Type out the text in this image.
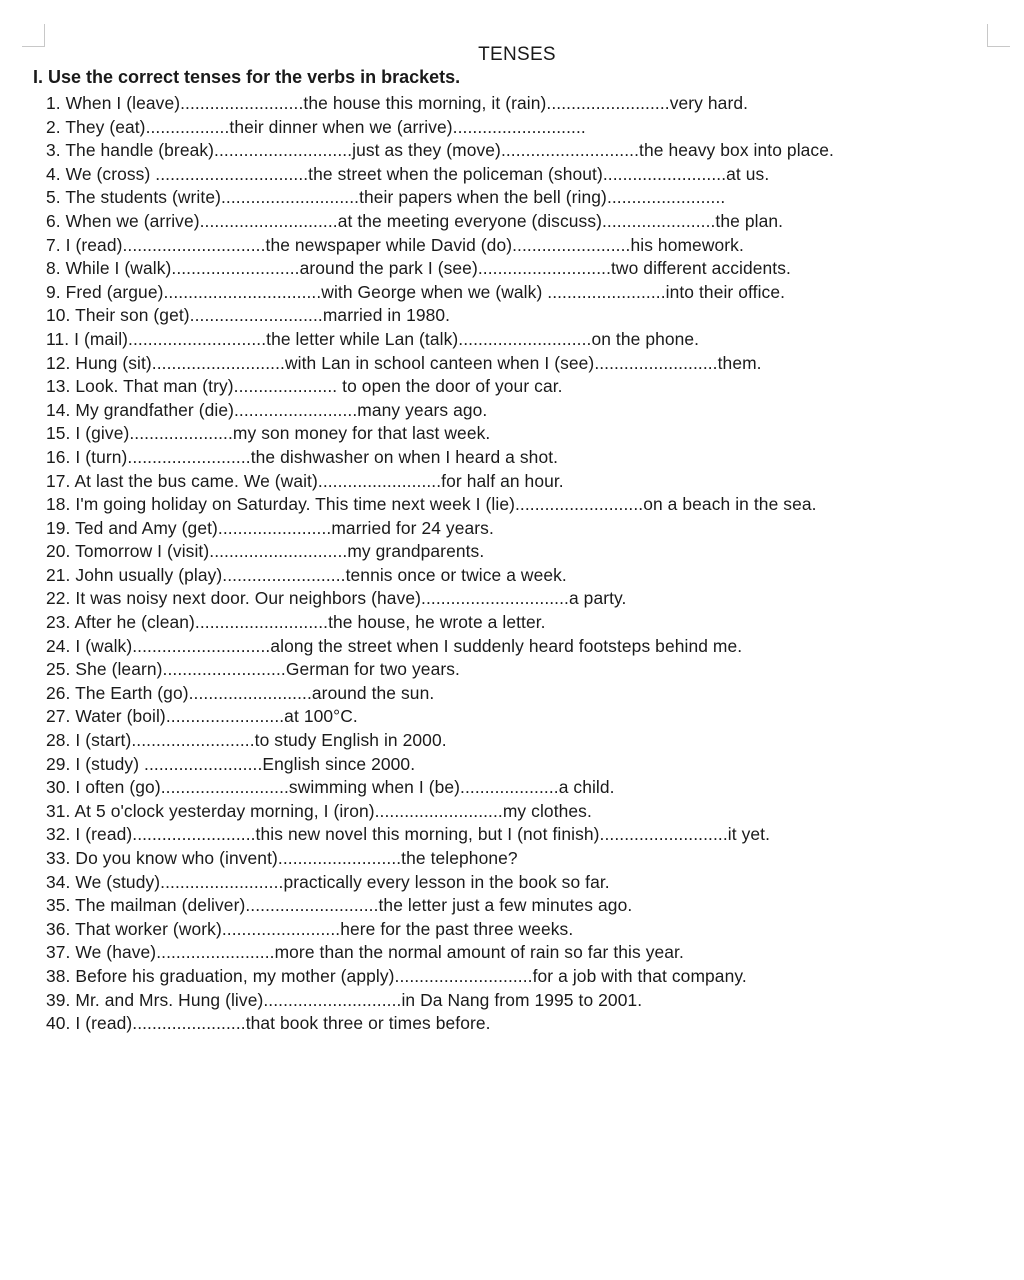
TENSES
I. Use the correct tenses for the verbs in brackets.
1. When I (leave).........................the house this morning, it (rain).........................very hard.
2. They (eat).................their dinner when we (arrive)...........................
3. The handle (break)............................just as they (move)............................the heavy box into place.
4. We (cross) ...............................the street when the policeman (shout).........................at us.
5. The students (write)............................their papers when the bell (ring)........................
6. When we (arrive)............................at the meeting everyone (discuss).......................the plan.
7. I (read).............................the newspaper while David (do)........................his homework.
8. While I (walk)..........................around the park I (see)...........................two different accidents.
9. Fred (argue)................................with George when we (walk) ........................into their office.
10. Their son (get)...........................married in 1980.
11. I (mail)............................the letter while Lan (talk)...........................on the phone.
12. Hung (sit)...........................with Lan in school canteen when I (see).........................them.
13. Look. That man (try)..................... to open the door of your car.
14. My grandfather (die).........................many years ago.
15. I (give).....................my son money for that last week.
16. I (turn).........................the dishwasher on when I heard a shot.
17. At last the bus came. We (wait).........................for half an hour.
18. I'm going holiday on Saturday. This time next week I (lie)..........................on a beach in the sea.
19. Ted and Amy (get).......................married for 24 years.
20. Tomorrow I (visit)............................my grandparents.
21. John usually (play).........................tennis once or twice a week.
22. It was noisy next door. Our neighbors (have)..............................a party.
23. After he (clean)...........................the house, he wrote a letter.
24. I (walk)............................along the street when I suddenly heard footsteps behind me.
25. She (learn).........................German for two years.
26. The Earth (go).........................around the sun.
27. Water (boil)........................at 100°C.
28. I (start).........................to study English in 2000.
29. I (study) ........................English since 2000.
30. I often (go)..........................swimming when I (be)....................a child.
31. At 5 o'clock yesterday morning, I (iron)..........................my clothes.
32. I (read).........................this new novel this morning, but I (not finish)..........................it yet.
33. Do you know who (invent).........................the telephone?
34. We (study).........................practically every lesson in the book so far.
35. The mailman (deliver)...........................the letter just a few minutes ago.
36. That worker (work)........................here for the past three weeks.
37. We (have)........................more than the normal amount of rain so far this year.
38. Before his graduation, my mother (apply)............................for a job with that company.
39. Mr. and Mrs. Hung (live)............................in Da Nang from 1995 to 2001.
40. I (read).......................that book three or times before.
